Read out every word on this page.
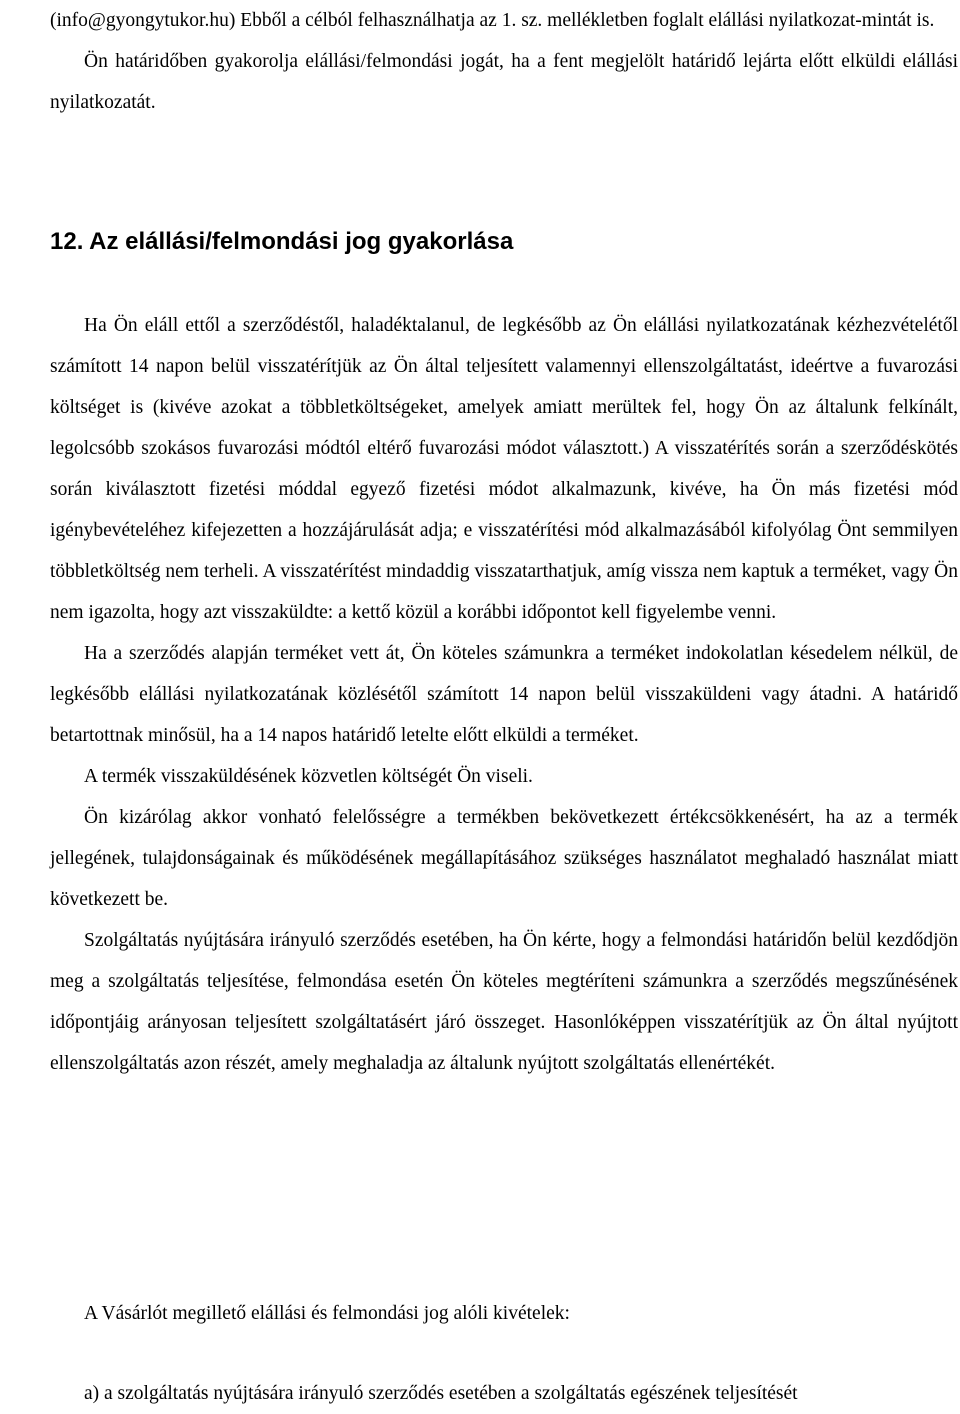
(info@gyongytukor.hu) Ebből a célból felhasználhatja az 1. sz. mellékletben foglalt elállási nyilatkozat-mintát is.

Ön határidőben gyakorolja elállási/felmondási jogát, ha a fent megjelölt határidő lejárta előtt elküldi elállási nyilatkozatát.

12. Az elállási/felmondási jog gyakorlása

Ha Ön eláll ettől a szerződéstől, haladéktalanul, de legkésőbb az Ön elállási nyilatkozatának kézhezvételétől számított 14 napon belül visszatérítjük az Ön által teljesített valamennyi ellenszolgáltatást, ideértve a fuvarozási költséget is (kivéve azokat a többletköltségeket, amelyek amiatt merültek fel, hogy Ön az általunk felkínált, legolcsóbb szokásos fuvarozási módtól eltérő fuvarozási módot választott.) A visszatérítés során a szerződéskötés során kiválasztott fizetési móddal egyező fizetési módot alkalmazunk, kivéve, ha Ön más fizetési mód igénybevételéhez kifejezetten a hozzájárulását adja; e visszatérítési mód alkalmazásából kifolyólag Önt semmilyen többletköltség nem terheli. A visszatérítést mindaddig visszatarthatjuk, amíg vissza nem kaptuk a terméket, vagy Ön nem igazolta, hogy azt visszaküldte: a kettő közül a korábbi időpontot kell figyelembe venni.

Ha a szerződés alapján terméket vett át, Ön köteles számunkra a terméket indokolatlan késedelem nélkül, de legkésőbb elállási nyilatkozatának közlésétől számított 14 napon belül visszaküldeni vagy átadni. A határidő betartottnak minősül, ha a 14 napos határidő letelte előtt elküldi a terméket.

A termék visszaküldésének közvetlen költségét Ön viseli.

Ön kizárólag akkor vonható felelősségre a termékben bekövetkezett értékcsökkenésért, ha az a termék jellegének, tulajdonságainak és működésének megállapításához szükséges használatot meghaladó használat miatt következett be.

Szolgáltatás nyújtására irányuló szerződés esetében, ha Ön kérte, hogy a felmondási határidőn belül kezdődjön meg a szolgáltatás teljesítése, felmondása esetén Ön köteles megtéríteni számunkra a szerződés megszűnésének időpontjáig arányosan teljesített szolgáltatásért járó összeget. Hasonlóképpen visszatérítjük az Ön által nyújtott ellenszolgáltatás azon részét, amely meghaladja az általunk nyújtott szolgáltatás ellenértékét.

A Vásárlót megillető elállási és felmondási jog alóli kivételek:

a) a szolgáltatás nyújtására irányuló szerződés esetében a szolgáltatás egészének teljesítését
